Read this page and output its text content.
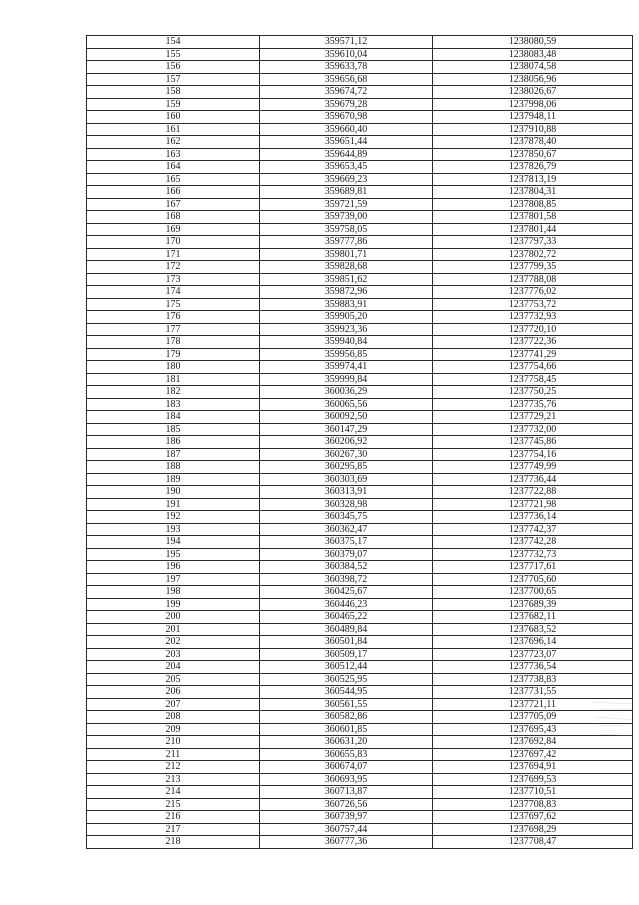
154	359571,12	1238080,59
155	359610,04	1238083,48
156	359633,78	1238074,58
157	359656,68	1238056,96
158	359674,72	1238026,67
159	359679,28	1237998,06
160	359670,98	1237948,11
161	359660,40	1237910,88
162	359651,44	1237878,40
163	359644,89	1237850,67
164	359653,45	1237826,79
165	359669,23	1237813,19
166	359689,81	1237804,31
167	359721,59	1237808,85
168	359739,00	1237801,58
169	359758,05	1237801,44
170	359777,86	1237797,33
171	359801,71	1237802,72
172	359828,68	1237799,35
173	359851,62	1237788,08
174	359872,96	1237776,02
175	359883,91	1237753,72
176	359905,20	1237732,93
177	359923,36	1237720,10
178	359940,84	1237722,36
179	359956,85	1237741,29
180	359974,41	1237754,66
181	359999,84	1237758,45
182	360036,29	1237750,25
183	360065,56	1237735,76
184	360092,50	1237729,21
185	360147,29	1237732,00
186	360206,92	1237745,86
187	360267,30	1237754,16
188	360295,85	1237749,99
189	360303,69	1237736,44
190	360313,91	1237722,88
191	360328,98	1237721,98
192	360345,75	1237736,14
193	360362,47	1237742,37
194	360375,17	1237742,28
195	360379,07	1237732,73
196	360384,52	1237717,61
197	360398,72	1237705,60
198	360425,67	1237700,65
199	360446,23	1237689,39
200	360465,22	1237682,11
201	360489,84	1237683,52
202	360501,84	1237696,14
203	360509,17	1237723,07
204	360512,44	1237736,54
205	360525,95	1237738,83
206	360544,95	1237731,55
207	360561,55	1237721,11
208	360582,86	1237705,09
209	360601,85	1237695,43
210	360631,20	1237692,84
211	360655,83	1237697,42
212	360674,07	1237694,91
213	360693,95	1237699,53
214	360713,87	1237710,51
215	360726,56	1237708,83
216	360739,97	1237697,62
217	360757,44	1237698,29
218	360777,36	1237708,47
